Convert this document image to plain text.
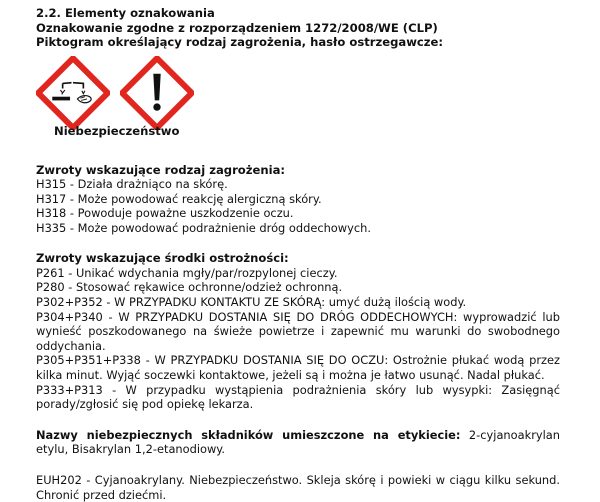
2.2. Elementy oznakowania
Oznakowanie zgodne z rozporządzeniem 1272/2008/WE (CLP)
Piktogram określający rodzaj zagrożenia, hasło ostrzegawcze:
Niebezpieczeństwo
Zwroty wskazujące rodzaj zagrożenia:
H315 - Działa drażniąco na skórę.
H317 - Może powodować reakcję alergiczną skóry.
H318 - Powoduje poważne uszkodzenie oczu.
H335 - Może powodować podrażnienie dróg oddechowych.
Zwroty wskazujące środki ostrożności:
P261 - Unikać wdychania mgły/par/rozpylonej cieczy.
P280 - Stosować rękawice ochronne/odzież ochronną.
P302+P352 - W PRZYPADKU KONTAKTU ZE SKÓRĄ: umyć dużą ilością wody.
P304+P340 - W PRZYPADKU DOSTANIA SIĘ DO DRÓG ODDECHOWYCH: wyprowadzić lub wynieść poszkodowanego na świeże powietrze i zapewnić mu warunki do swobodnego oddychania.
P305+P351+P338 - W PRZYPADKU DOSTANIA SIĘ DO OCZU: Ostrożnie płukać wodą przez kilka minut. Wyjąć soczewki kontaktowe, jeżeli są i można je łatwo usunąć. Nadal płukać.
P333+P313 - W przypadku wystąpienia podrażnienia skóry lub wysypki: Zasięgnąć porady/zgłosić się pod opiekę lekarza.
Nazwy niebezpiecznych składników umieszczone na etykiecie: 2-cyjanoakrylan etylu, Bisakrylan 1,2-etanodiowy.
EUH202 - Cyjanoakrylany. Niebezpieczeństwo. Skleja skórę i powieki w ciągu kilku sekund. Chronić przed dziećmi.
